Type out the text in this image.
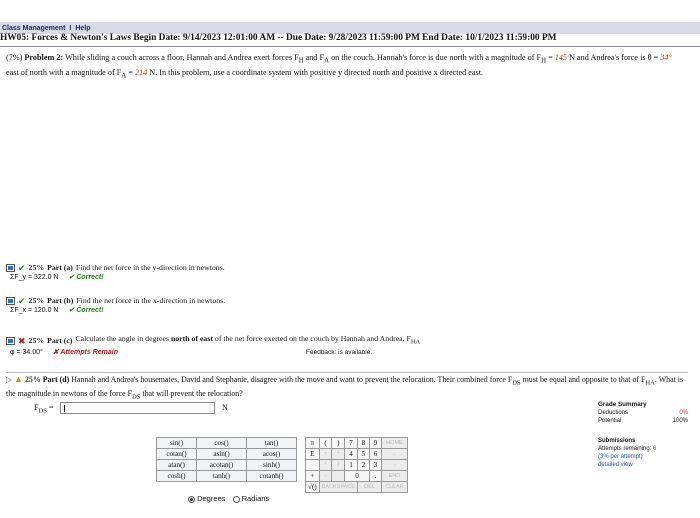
Class Management I Help
HW05: Forces & Newton's Laws Begin Date: 9/14/2023 12:01:00 AM -- Due Date: 9/28/2023 11:59:00 PM End Date: 10/1/2023 11:59:00 PM
(7%) Problem 2: While sliding a couch across a floor, Hannah and Andrea exert forces $F_H$ and $F_A$ on the couch. Hannah's force is due north with a magnitude of $F_H = 145$ N and Andrea's force is θ = 34° east of north with a magnitude of $F_A = 214$ N. In this problem, use a coordinate system with positive y directed north and positive x directed east.
✔ 25% Part (a) Find the net force in the y-direction in newtons.
ΣF_y = 322.0 N ✔ Correct!
✔ 25% Part (b) Find the net force in the x-direction in newtons.
ΣF_x = 120.0 N ✔ Correct!
✖ 25% Part (c) Calculate the angle in degrees north of east of the net force exerted on the couch by Hannah and Andrea, $F_{HA}$
φ = 34.00° ✘ Attempts Remain	Feedback: is available.
▷ ▲ 25% Part (d) Hannah and Andrea's housemates, David and Stephanie, disagree with the move and want to prevent the relocation. Their combined force $F_{DS}$ must be equal and opposite to that of $F_{HA}$. What is the magnitude in newtons of the force $F_{DS}$ that will prevent the relocation?
$F_{DS}$ =	N
sin()	cos()	tan()
cotan()	asin()	acos()
atan()	acotan()	sinh()
cosh()	tanh()	cotanh()
Degrees Radians
π	(	)	7	8	9	HOME
E	↑	^	4	5	6	←
	*	/	1	2	3	→
+	-		0		.	END
√()	BACKSPACE			DEL		CLEAR
Grade Summary
Deductions	0%
Potential	100%
Submissions
Attempts remaining: 6
(3% per attempt)
detailed view
